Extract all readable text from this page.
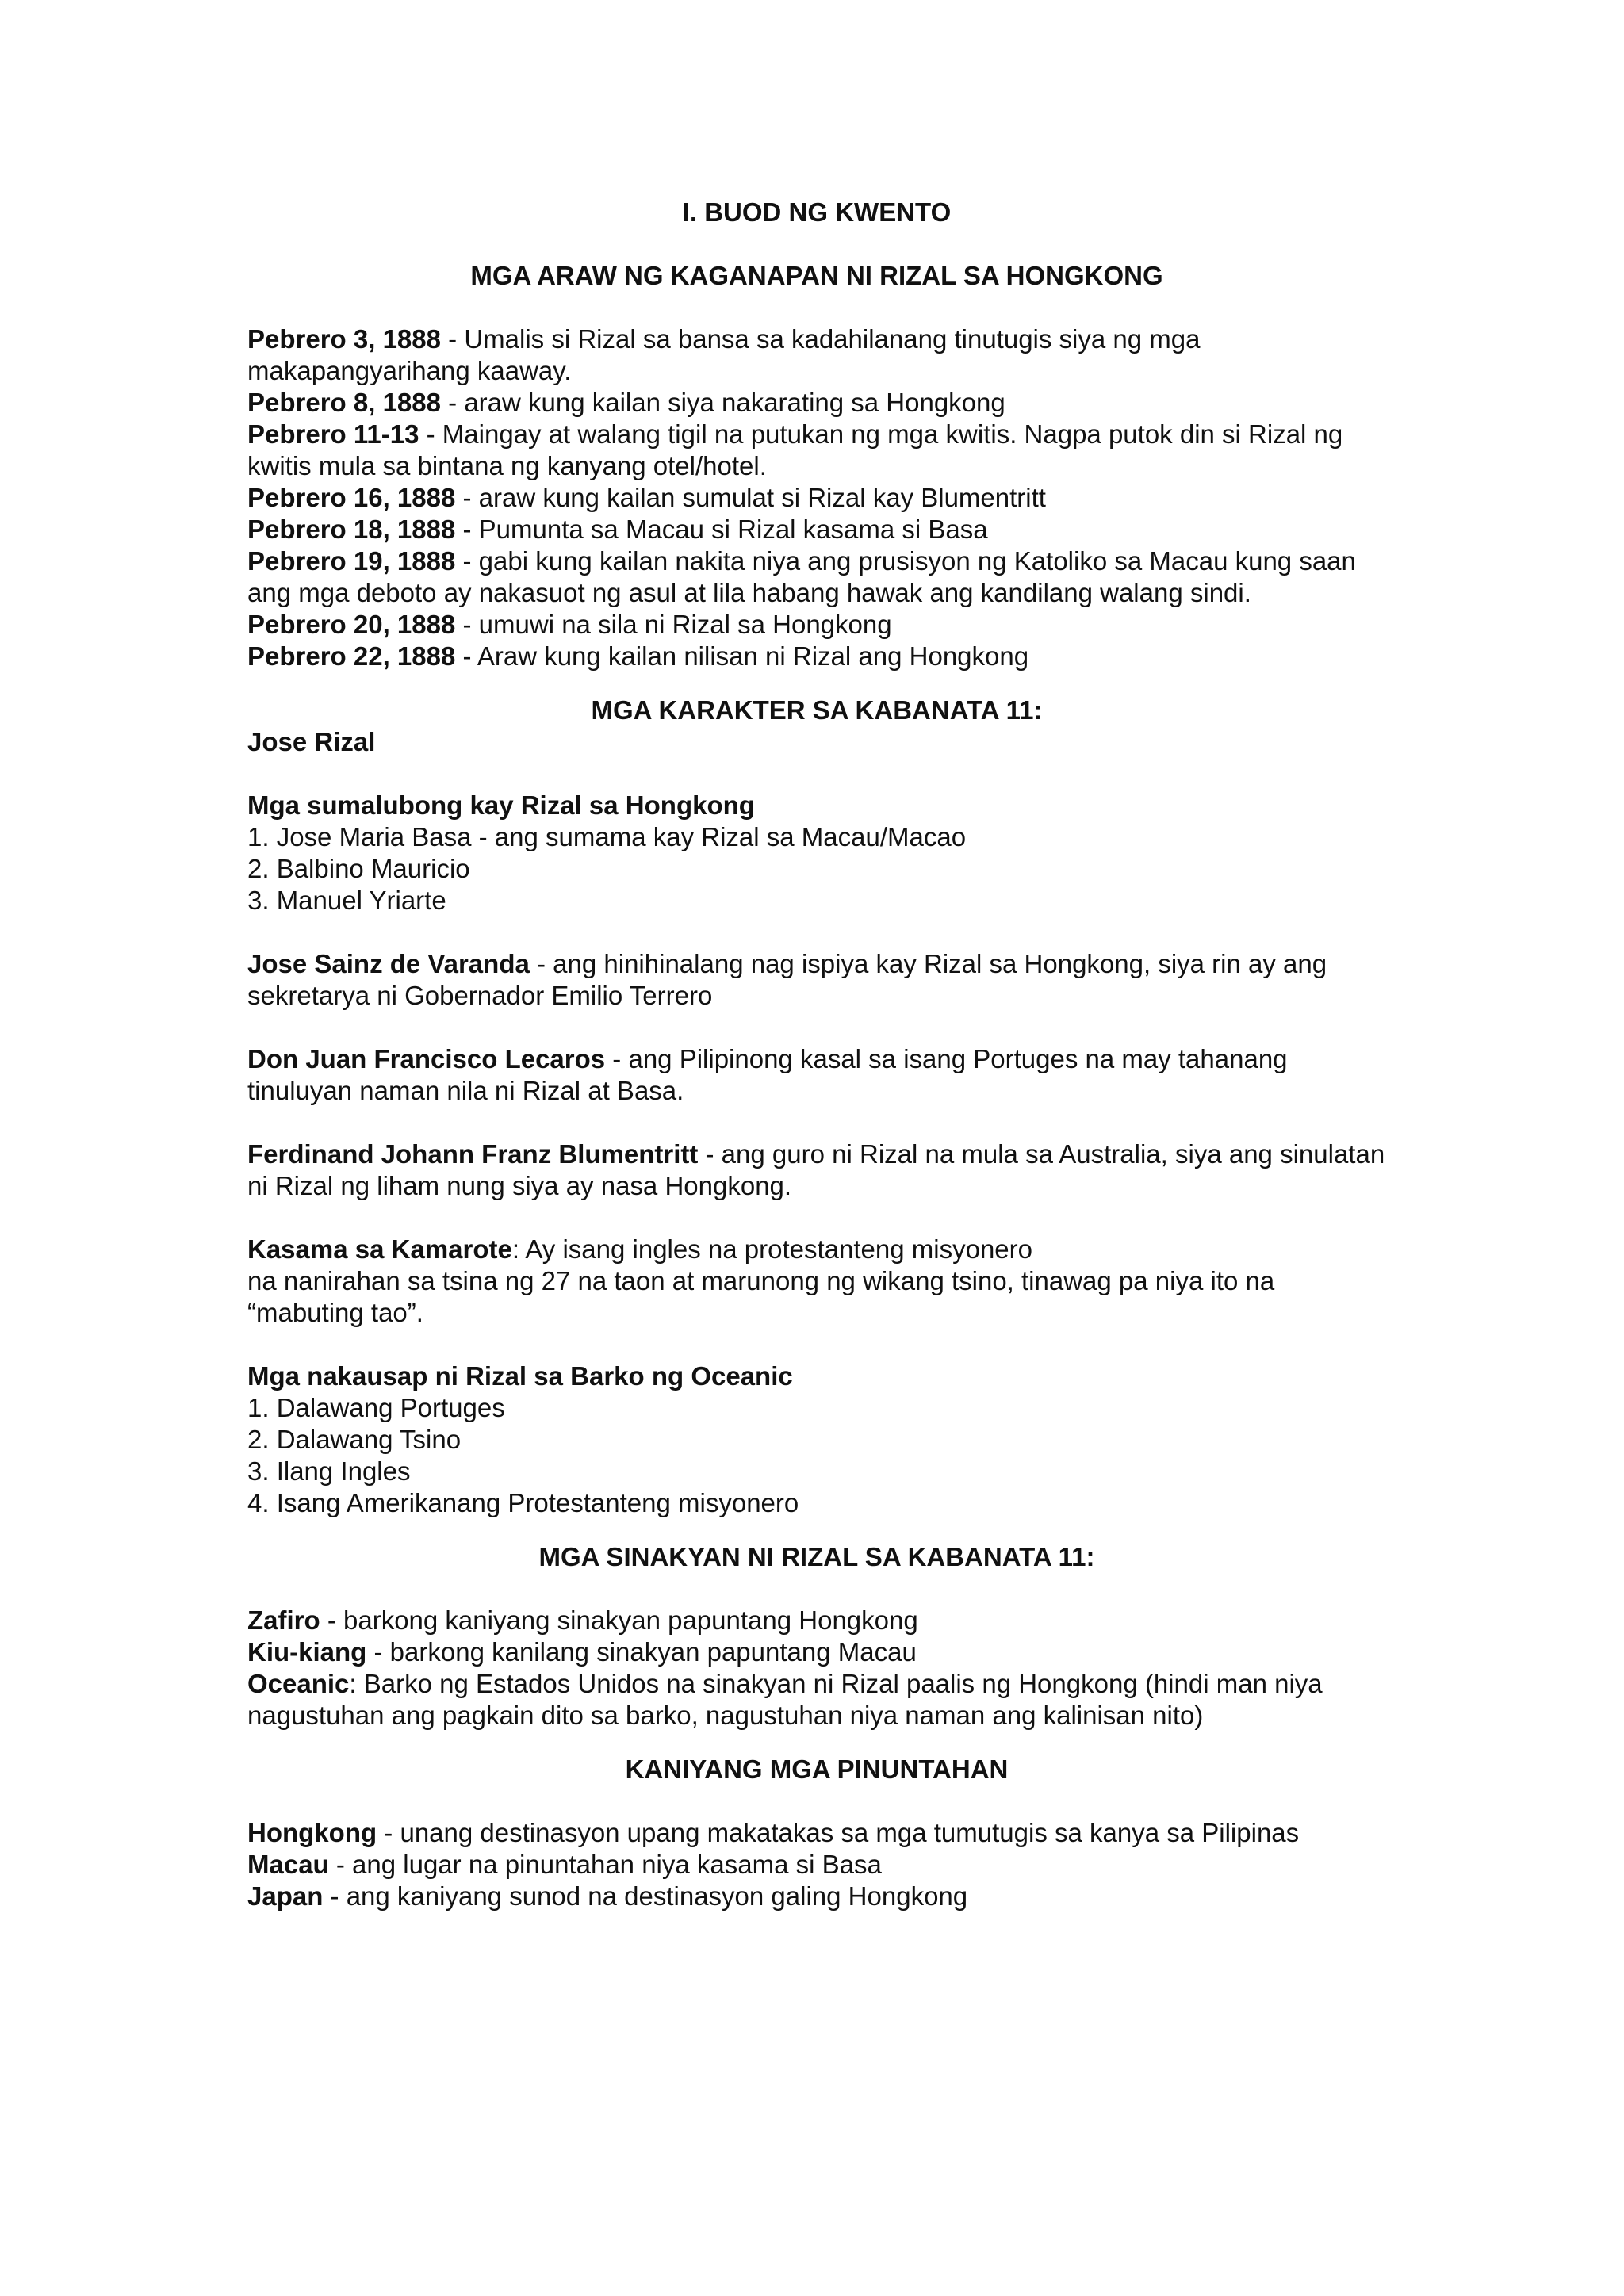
I. BUOD NG KWENTO

MGA ARAW NG KAGANAPAN NI RIZAL SA HONGKONG

Pebrero 3, 1888 - Umalis si Rizal sa bansa sa kadahilanang tinutugis siya ng mga makapangyarihang kaaway.

Pebrero 8, 1888 - araw kung kailan siya nakarating sa Hongkong

Pebrero 11-13 - Maingay at walang tigil na putukan ng mga kwitis. Nagpa putok din si Rizal ng kwitis mula sa bintana ng kanyang otel/hotel.

Pebrero 16, 1888 - araw kung kailan sumulat si Rizal kay Blumentritt

Pebrero 18, 1888 - Pumunta sa Macau si Rizal kasama si Basa

Pebrero 19, 1888 - gabi kung kailan nakita niya ang prusisyon ng Katoliko sa Macau kung saan ang mga deboto ay nakasuot ng asul at lila habang hawak ang kandilang walang sindi.

Pebrero 20, 1888 - umuwi na sila ni Rizal sa Hongkong

Pebrero 22, 1888 - Araw kung kailan nilisan ni Rizal ang Hongkong

MGA KARAKTER SA KABANATA 11:

Jose Rizal

Mga sumalubong kay Rizal sa Hongkong

1. Jose Maria Basa - ang sumama kay Rizal sa Macau/Macao

2. Balbino Mauricio

3. Manuel Yriarte

Jose Sainz de Varanda - ang hinihinalang nag ispiya kay Rizal sa Hongkong, siya rin ay ang sekretarya ni Gobernador Emilio Terrero

Don Juan Francisco Lecaros - ang Pilipinong kasal sa isang Portuges na may tahanang tinuluyan naman nila ni Rizal at Basa.

Ferdinand Johann Franz Blumentritt - ang guro ni Rizal na mula sa Australia, siya ang sinulatan ni Rizal ng liham nung siya ay nasa Hongkong.

Kasama sa Kamarote: Ay isang ingles na protestanteng misyonero

na nanirahan sa tsina ng 27 na taon at marunong ng wikang tsino, tinawag pa niya ito na “mabuting tao”.

Mga nakausap ni Rizal sa Barko ng Oceanic

1. Dalawang Portuges

2. Dalawang Tsino

3. Ilang Ingles

4. Isang Amerikanang Protestanteng misyonero

MGA SINAKYAN NI RIZAL SA KABANATA 11:

Zafiro - barkong kaniyang sinakyan papuntang Hongkong

Kiu-kiang - barkong kanilang sinakyan papuntang Macau

Oceanic: Barko ng Estados Unidos na sinakyan ni Rizal paalis ng Hongkong (hindi man niya nagustuhan ang pagkain dito sa barko, nagustuhan niya naman ang kalinisan nito)

KANIYANG MGA PINUNTAHAN

Hongkong - unang destinasyon upang makatakas sa mga tumutugis sa kanya sa Pilipinas

Macau - ang lugar na pinuntahan niya kasama si Basa

Japan - ang kaniyang sunod na destinasyon galing Hongkong
